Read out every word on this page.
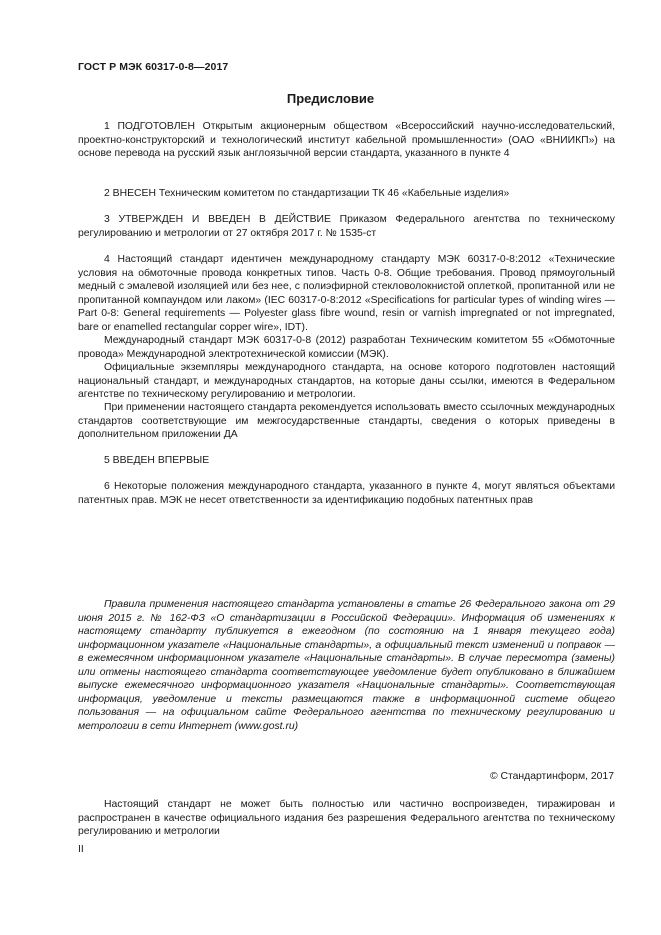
ГОСТ Р МЭК 60317-0-8—2017
Предисловие
1 ПОДГОТОВЛЕН Открытым акционерным обществом «Всероссийский научно-исследовательский, проектно-конструкторский и технологический институт кабельной промышленности» (ОАО «ВНИИКП») на основе перевода на русский язык англоязычной версии стандарта, указанного в пункте 4
2 ВНЕСЕН Техническим комитетом по стандартизации ТК 46 «Кабельные изделия»
3 УТВЕРЖДЕН И ВВЕДЕН В ДЕЙСТВИЕ Приказом Федерального агентства по техническому регулированию и метрологии от 27 октября 2017 г. № 1535-ст
4 Настоящий стандарт идентичен международному стандарту МЭК 60317-0-8:2012 «Технические условия на обмоточные провода конкретных типов. Часть 0-8. Общие требования. Провод прямоугольный медный с эмалевой изоляцией или без нее, с полиэфирной стекловолокнистой оплеткой, пропитанной или не пропитанной компаундом или лаком» (IEC 60317-0-8:2012 «Specifications for particular types of winding wires — Part 0-8: General requirements — Polyester glass fibre wound, resin or varnish impregnated or not impregnated, bare or enamelled rectangular copper wire», IDT).
Международный стандарт МЭК 60317-0-8 (2012) разработан Техническим комитетом 55 «Обмоточные провода» Международной электротехнической комиссии (МЭК).
Официальные экземпляры международного стандарта, на основе которого подготовлен настоящий национальный стандарт, и международных стандартов, на которые даны ссылки, имеются в Федеральном агентстве по техническому регулированию и метрологии.
При применении настоящего стандарта рекомендуется использовать вместо ссылочных международных стандартов соответствующие им межгосударственные стандарты, сведения о которых приведены в дополнительном приложении ДА
5 ВВЕДЕН ВПЕРВЫЕ
6 Некоторые положения международного стандарта, указанного в пункте 4, могут являться объектами патентных прав. МЭК не несет ответственности за идентификацию подобных патентных прав
Правила применения настоящего стандарта установлены в статье 26 Федерального закона от 29 июня 2015 г. № 162-ФЗ «О стандартизации в Российской Федерации». Информация об изменениях к настоящему стандарту публикуется в ежегодном (по состоянию на 1 января текущего года) информационном указателе «Национальные стандарты», а официальный текст изменений и поправок — в ежемесячном информационном указателе «Национальные стандарты». В случае пересмотра (замены) или отмены настоящего стандарта соответствующее уведомление будет опубликовано в ближайшем выпуске ежемесячного информационного указателя «Национальные стандарты». Соответствующая информация, уведомление и тексты размещаются также в информационной системе общего пользования — на официальном сайте Федерального агентства по техническому регулированию и метрологии в сети Интернет (www.gost.ru)
© Стандартинформ, 2017
Настоящий стандарт не может быть полностью или частично воспроизведен, тиражирован и распространен в качестве официального издания без разрешения Федерального агентства по техническому регулированию и метрологии
II
